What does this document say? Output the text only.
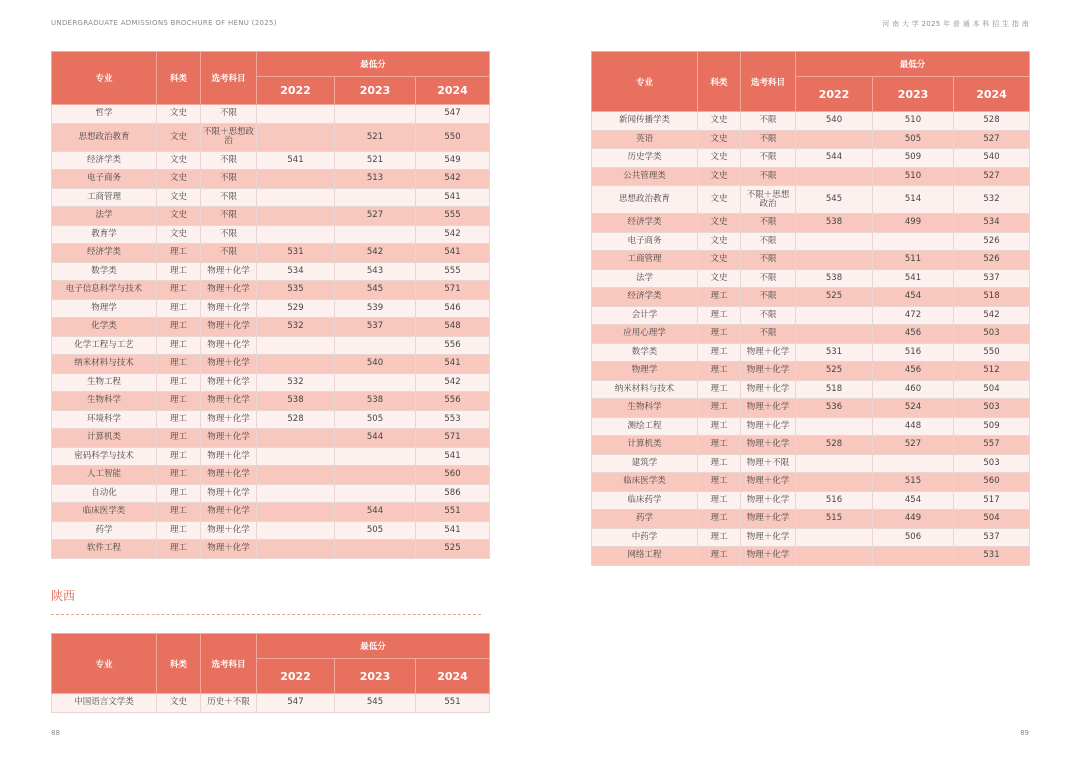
UNDERGRADUATE ADMISSIONS BROCHURE OF HENU (2025)	河 南 大 学 2025 年 普 通 本 科 招 生 指 南
专业	科类	选考科目	最低分		
			2022	2023	2024
哲学	文史	不限			547
思想政治教育	文史	不限＋思想政治		521	550
经济学类	文史	不限	541	521	549
电子商务	文史	不限		513	542
工商管理	文史	不限			541
法学	文史	不限		527	555
教育学	文史	不限			542
经济学类	理工	不限	531	542	541
数学类	理工	物理＋化学	534	543	555
电子信息科学与技术	理工	物理＋化学	535	545	571
物理学	理工	物理＋化学	529	539	546
化学类	理工	物理＋化学	532	537	548
化学工程与工艺	理工	物理＋化学			556
纳米材料与技术	理工	物理＋化学		540	541
生物工程	理工	物理＋化学	532		542
生物科学	理工	物理＋化学	538	538	556
环境科学	理工	物理＋化学	528	505	553
计算机类	理工	物理＋化学		544	571
密码科学与技术	理工	物理＋化学			541
人工智能	理工	物理＋化学			560
自动化	理工	物理＋化学			586
临床医学类	理工	物理＋化学		544	551
药学	理工	物理＋化学		505	541
软件工程	理工	物理＋化学			525
陕西
专业	科类	选考科目	最低分		
			2022	2023	2024
中国语言文学类	文史	历史＋不限	547	545	551
专业	科类	选考科目	最低分		
			2022	2023	2024
新闻传播学类	文史	不限	540	510	528
英语	文史	不限		505	527
历史学类	文史	不限	544	509	540
公共管理类	文史	不限		510	527
思想政治教育	文史	不限＋思想政治	545	514	532
经济学类	文史	不限	538	499	534
电子商务	文史	不限			526
工商管理	文史	不限		511	526
法学	文史	不限	538	541	537
经济学类	理工	不限	525	454	518
会计学	理工	不限		472	542
应用心理学	理工	不限		456	503
数学类	理工	物理＋化学	531	516	550
物理学	理工	物理＋化学	525	456	512
纳米材料与技术	理工	物理＋化学	518	460	504
生物科学	理工	物理＋化学	536	524	503
测绘工程	理工	物理＋化学		448	509
计算机类	理工	物理＋化学	528	527	557
建筑学	理工	物理＋不限			503
临床医学类	理工	物理＋化学		515	560
临床药学	理工	物理＋化学	516	454	517
药学	理工	物理＋化学	515	449	504
中药学	理工	物理＋化学		506	537
网络工程	理工	物理＋化学			531
88	89
